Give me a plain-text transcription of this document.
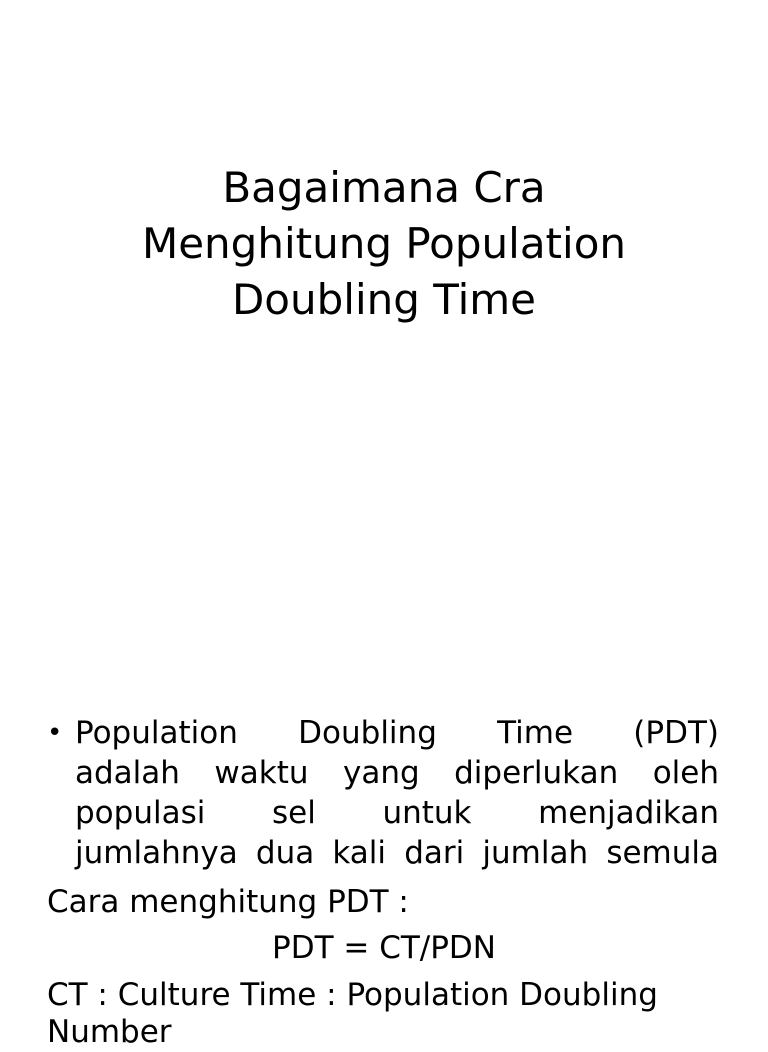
Bagaimana Cra
Menghitung Population
Doubling Time
• Population Doubling Time (PDT)
adalah waktu yang diperlukan oleh
populasi sel untuk menjadikan
jumlahnya dua kali dari jumlah semula

Cara menghitung PDT :

PDT = CT/PDN

CT : Culture Time : Population Doubling

Number
